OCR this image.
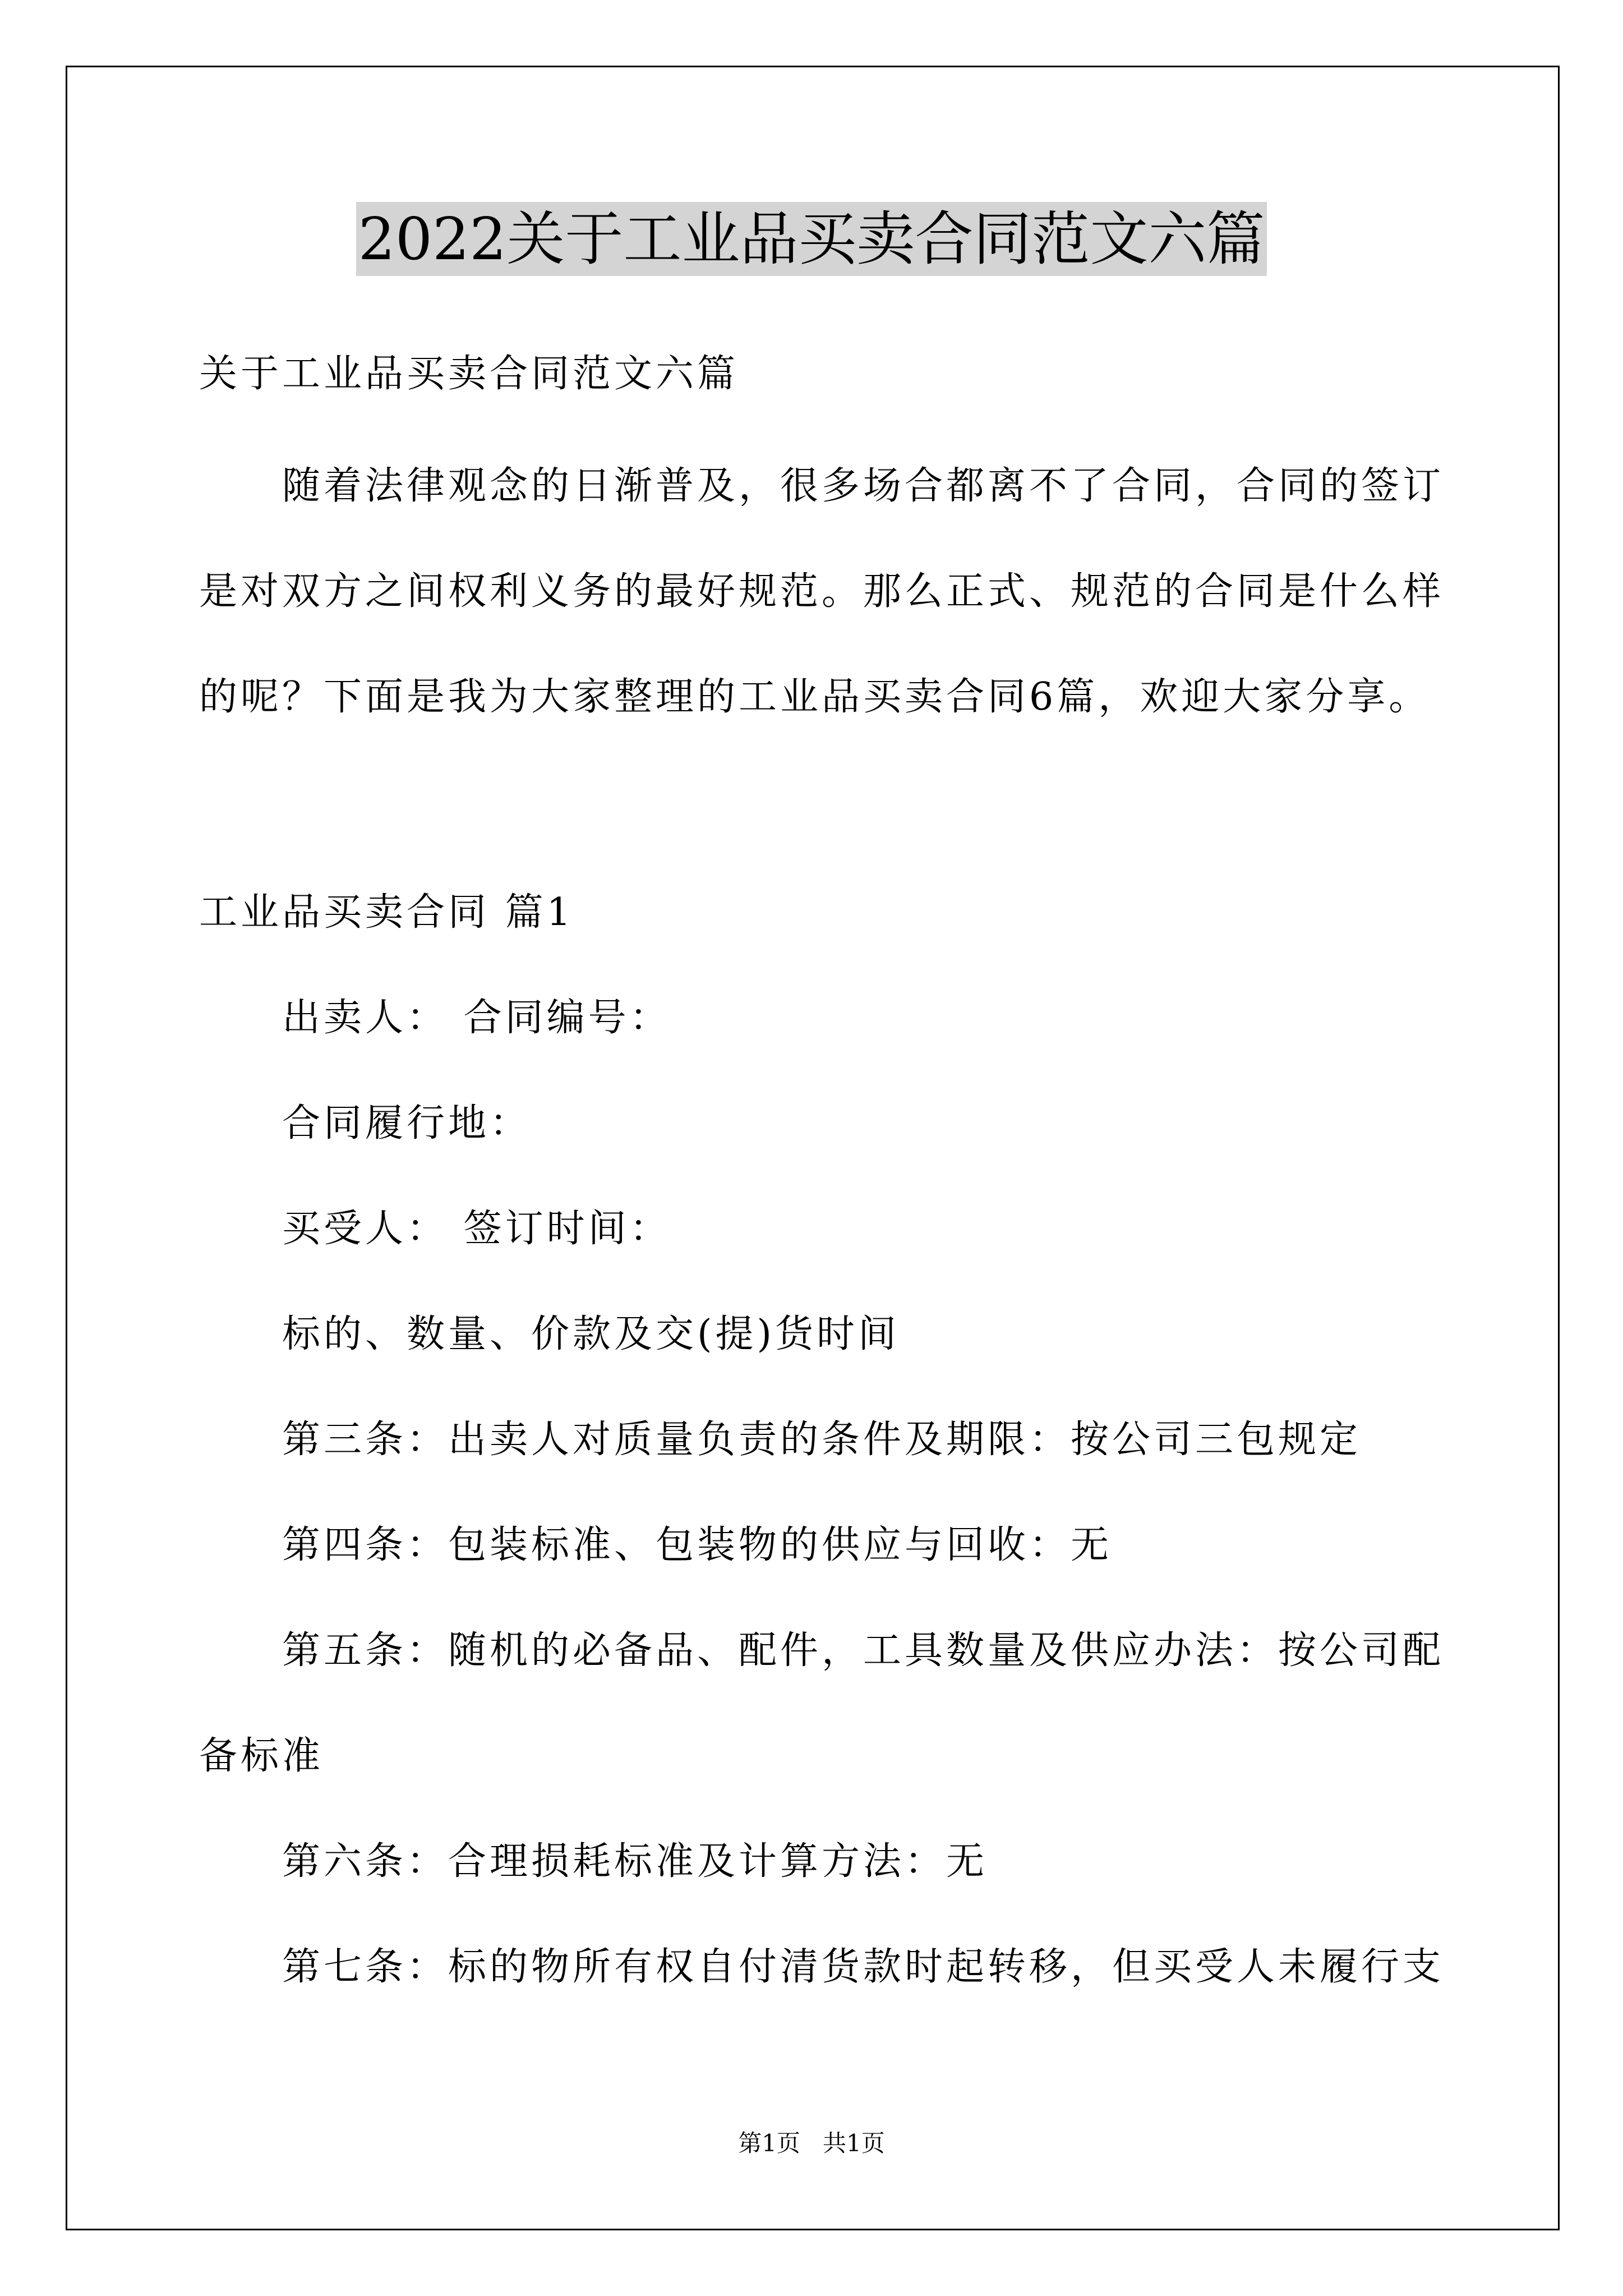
2022关于工业品买卖合同范文六篇
关于工业品买卖合同范文六篇
随着法律观念的日渐普及，很多场合都离不了合同，合同的签订
是对双方之间权利义务的最好规范。那么正式、规范的合同是什么样
的呢？下面是我为大家整理的工业品买卖合同6篇，欢迎大家分享。
工业品买卖合同 篇1
出卖人： 合同编号：
合同履行地：
买受人： 签订时间：
标的、数量、价款及交(提)货时间
第三条：出卖人对质量负责的条件及期限：按公司三包规定
第四条：包装标准、包装物的供应与回收：无
第五条：随机的必备品、配件，工具数量及供应办法：按公司配
备标准
第六条：合理损耗标准及计算方法：无
第七条：标的物所有权自付清货款时起转移，但买受人未履行支
第1页   共1页
